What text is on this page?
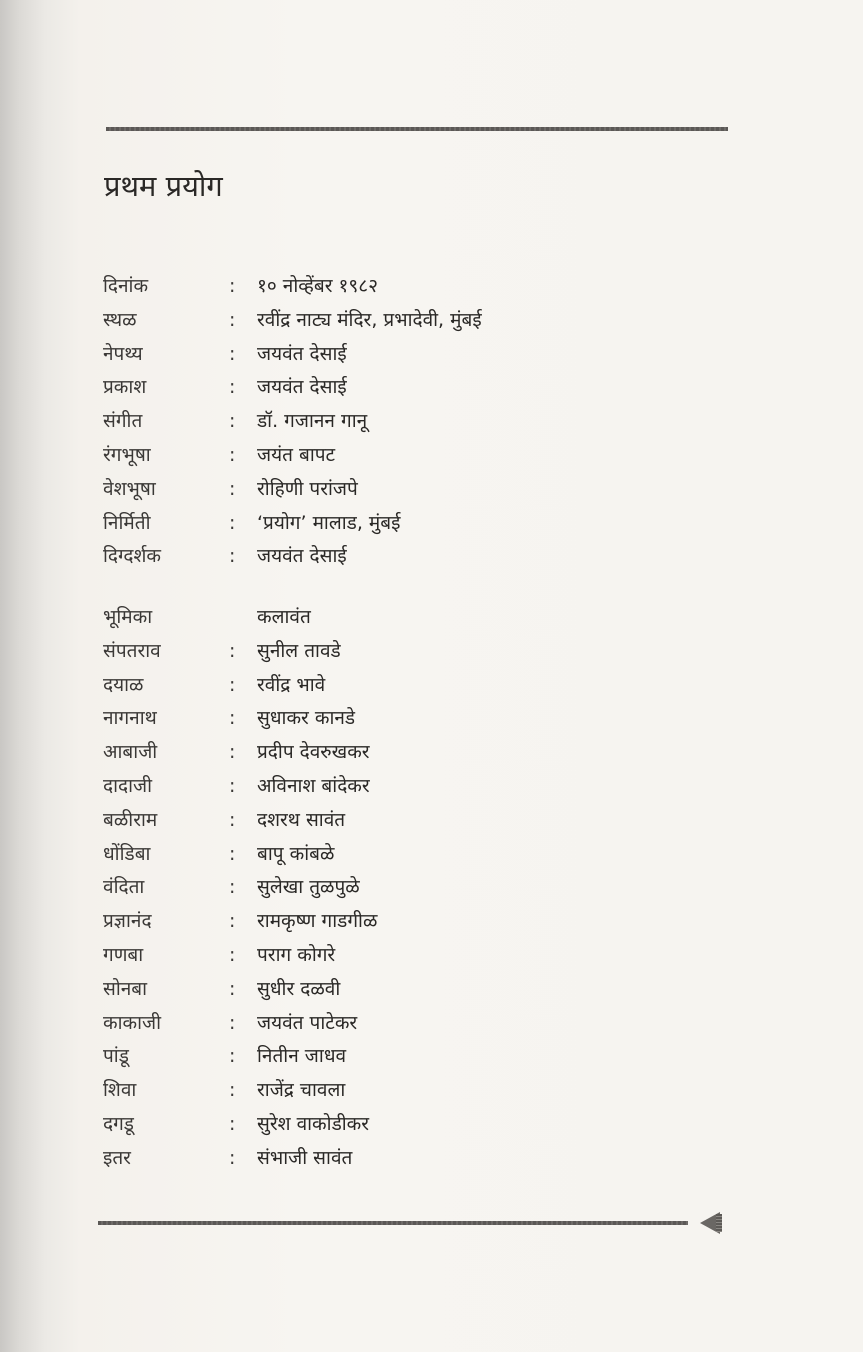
प्रथम प्रयोग
दिनांक	: १० नोव्हेंबर १९८२
स्थळ	: रवींद्र नाट्य मंदिर, प्रभादेवी, मुंबई
नेपथ्य	: जयवंत देसाई
प्रकाश	: जयवंत देसाई
संगीत	: डॉ. गजानन गानू
रंगभूषा	: जयंत बापट
वेशभूषा	: रोहिणी परांजपे
निर्मिती	: ‘प्रयोग’ मालाड, मुंबई
दिग्दर्शक	: जयवंत देसाई
भूमिका	कलावंत
संपतराव	: सुनील तावडे
दयाळ	: रवींद्र भावे
नागनाथ	: सुधाकर कानडे
आबाजी	: प्रदीप देवरुखकर
दादाजी	: अविनाश बांदेकर
बळीराम	: दशरथ सावंत
धोंडिबा	: बापू कांबळे
वंदिता	: सुलेखा तुळपुळे
प्रज्ञानंद	: रामकृष्ण गाडगीळ
गणबा	: पराग कोगरे
सोनबा	: सुधीर दळवी
काकाजी	: जयवंत पाटेकर
पांडू	: नितीन जाधव
शिवा	: राजेंद्र चावला
दगडू	: सुरेश वाकोडीकर
इतर	: संभाजी सावंत
